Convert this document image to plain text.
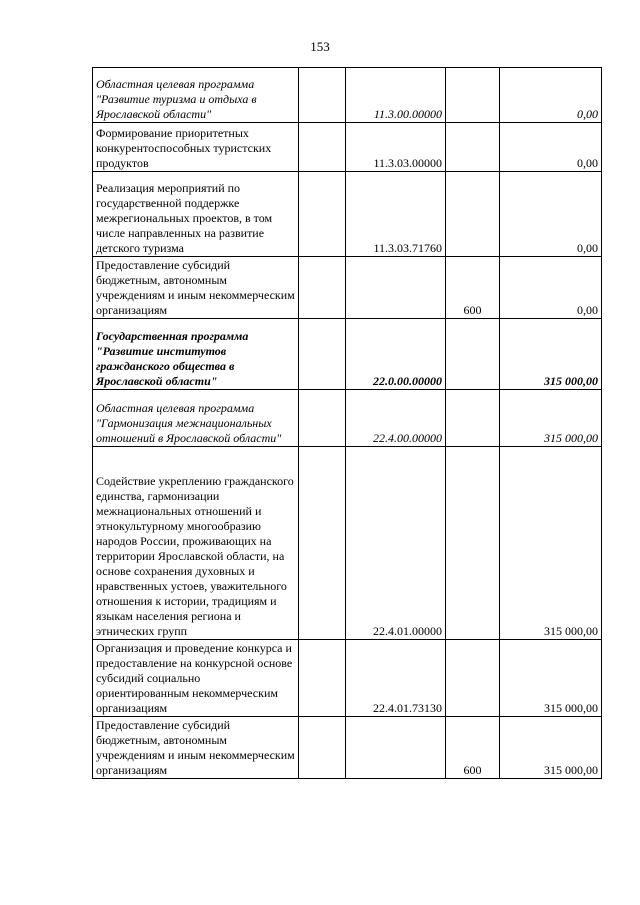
153
Областная целевая программа "Развитие туризма и отдыха в Ярославской области"		11.3.00.00000		0,00
Формирование приоритетных конкурентоспособных туристских продуктов		11.3.03.00000		0,00
Реализация мероприятий по государственной поддержке межрегиональных проектов, в том числе направленных на развитие детского туризма		11.3.03.71760		0,00
Предоставление субсидий бюджетным, автономным учреждениям и иным некоммерческим организациям			600	0,00
Государственная программа "Развитие институтов гражданского общества в Ярославской области"		22.0.00.00000		315 000,00
Областная целевая программа "Гармонизация межнациональных отношений в Ярославской области"		22.4.00.00000		315 000,00
Содействие укреплению гражданского единства, гармонизации межнациональных отношений и этнокультурному многообразию народов России, проживающих на территории Ярославской области, на основе сохранения духовных и нравственных устоев, уважительного отношения к истории, традициям и языкам населения региона и этнических групп		22.4.01.00000		315 000,00
Организация и проведение конкурса и предоставление на конкурсной основе субсидий социально ориентированным некоммерческим организациям		22.4.01.73130		315 000,00
Предоставление субсидий бюджетным, автономным учреждениям и иным некоммерческим организациям			600	315 000,00
